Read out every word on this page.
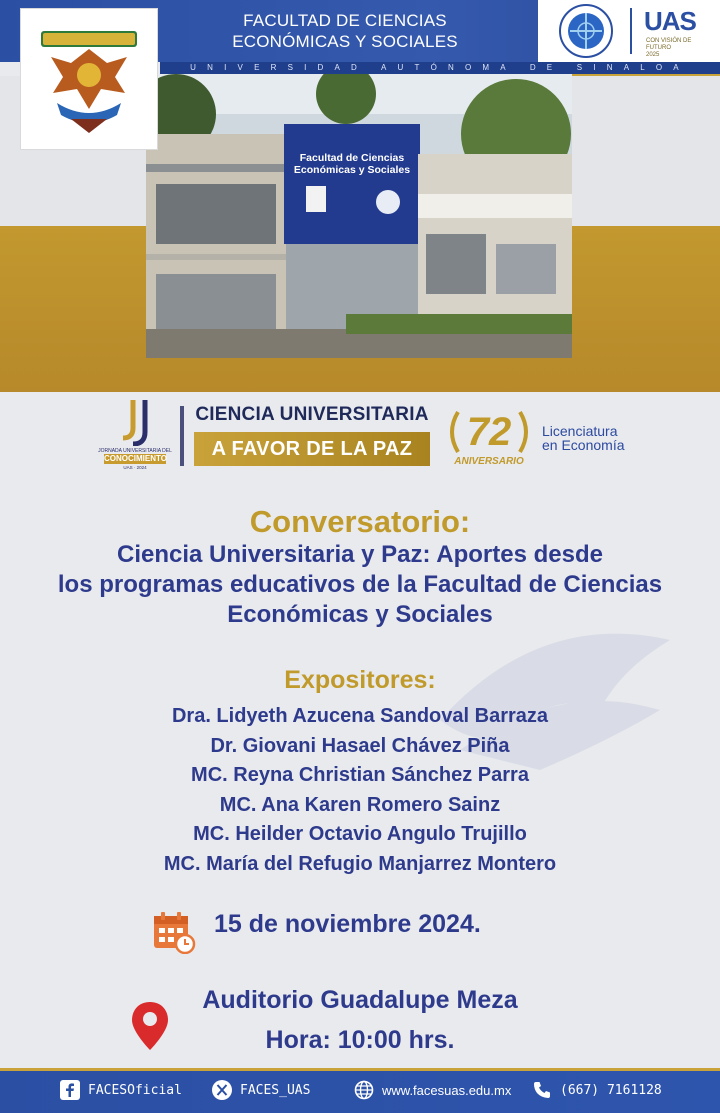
FACULTAD DE CIENCIAS
ECONÓMICAS Y SOCIALES
UNIVERSIDAD AUTÓNOMA DE SINALOA
Facultad de Ciencias
Económicas y Sociales
UAS
CON VISIÓN DE
FUTURO
2025
JORNADA UNIVERSITARIA DEL
CONOCIMIENTO
UAS · 2024
CIENCIA UNIVERSITARIA
A FAVOR DE LA PAZ	72
ANIVERSARIO
Licenciatura
en Economía
Conversatorio:
Ciencia Universitaria y Paz: Aportes desde
los programas educativos de la Facultad de Ciencias
Económicas y Sociales
Expositores:
Dra. Lidyeth Azucena Sandoval Barraza
Dr. Giovani Hasael Chávez Piña
MC. Reyna Christian Sánchez Parra
MC. Ana Karen Romero Sainz
MC. Heilder Octavio Angulo Trujillo
MC. María del Refugio Manjarrez Montero
15 de noviembre 2024.
Auditorio Guadalupe Meza
Hora: 10:00 hrs.
FACESOficial	FACES_UAS	www.facesuas.edu.mx	(667) 7161128
